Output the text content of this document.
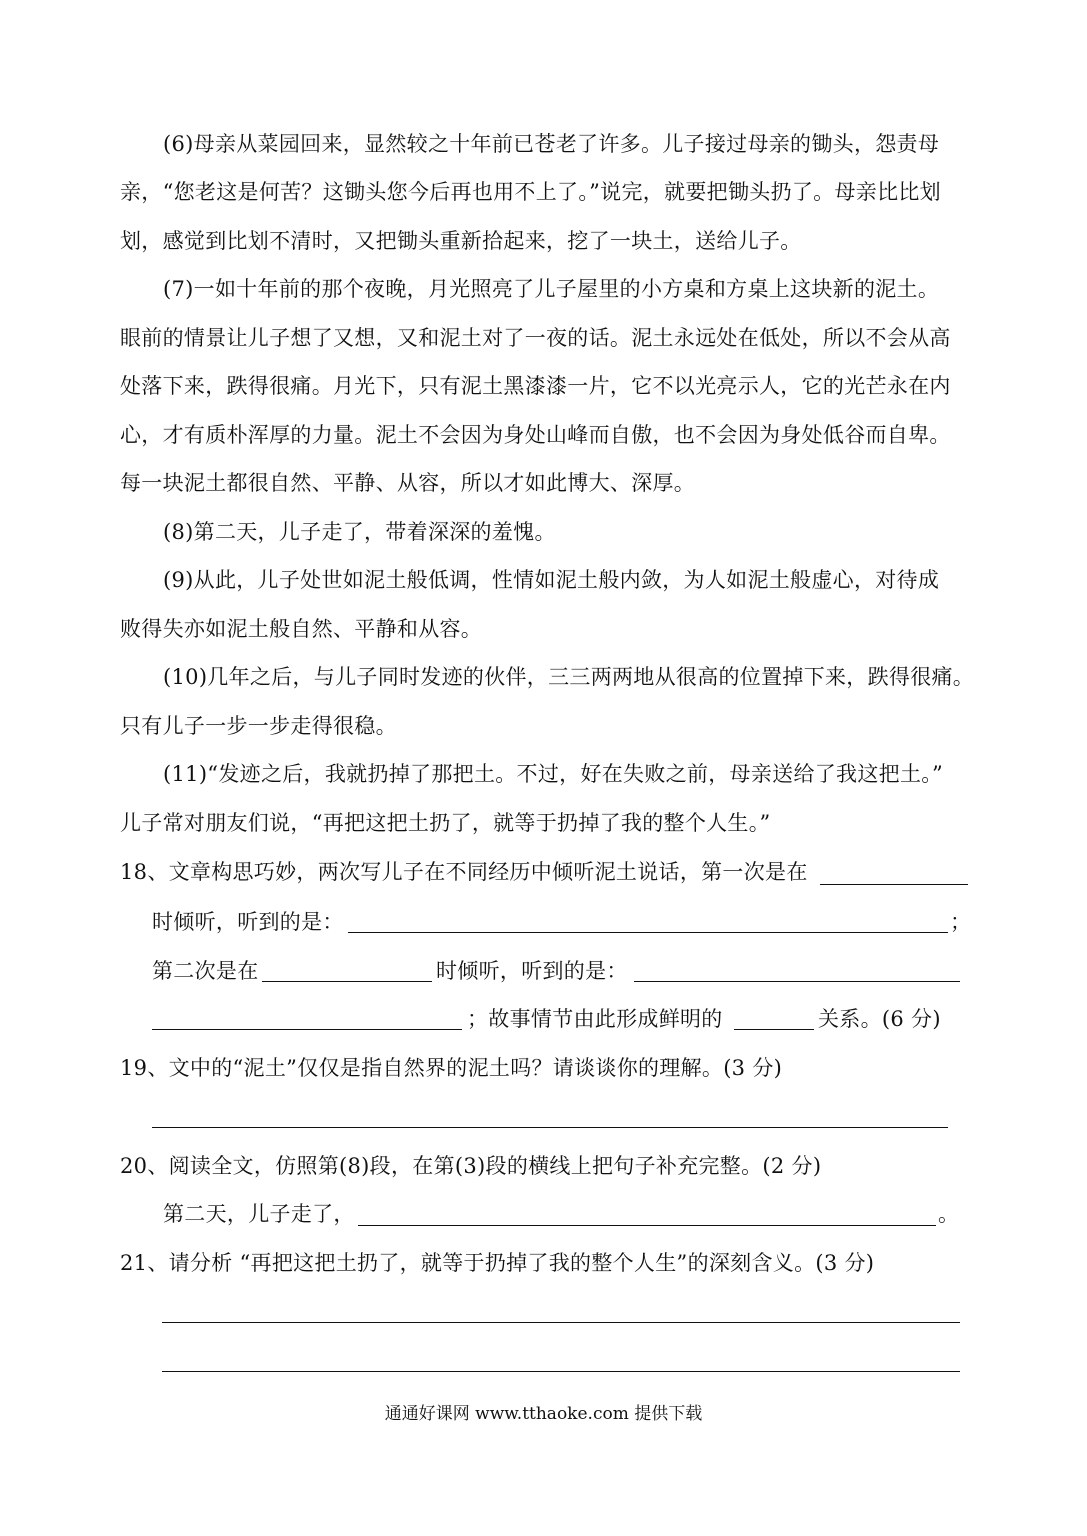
(6)母亲从菜园回来，显然较之十年前已苍老了许多。儿子接过母亲的锄头，怨责母
亲，“您老这是何苦？这锄头您今后再也用不上了。”说完，就要把锄头扔了。母亲比比划
划，感觉到比划不清时，又把锄头重新拾起来，挖了一块土，送给儿子。
(7)一如十年前的那个夜晚，月光照亮了儿子屋里的小方桌和方桌上这块新的泥土。
眼前的情景让儿子想了又想，又和泥土对了一夜的话。泥土永远处在低处，所以不会从高
处落下来，跌得很痛。月光下，只有泥土黑漆漆一片，它不以光亮示人，它的光芒永在内
心，才有质朴浑厚的力量。泥土不会因为身处山峰而自傲，也不会因为身处低谷而自卑。
每一块泥土都很自然、平静、从容，所以才如此博大、深厚。
(8)第二天，儿子走了，带着深深的羞愧。
(9)从此，儿子处世如泥土般低调，性情如泥土般内敛，为人如泥土般虚心，对待成
败得失亦如泥土般自然、平静和从容。
(10)几年之后，与儿子同时发迹的伙伴，三三两两地从很高的位置掉下来，跌得很痛。
只有儿子一步一步走得很稳。
(11)“发迹之后，我就扔掉了那把土。不过，好在失败之前，母亲送给了我这把土。”
儿子常对朋友们说，“再把这把土扔了，就等于扔掉了我的整个人生。”
18、文章构思巧妙，两次写儿子在不同经历中倾听泥土说话，第一次是在
时倾听，听到的是：	；
第二次是在	时倾听，听到的是：
；故事情节由此形成鲜明的	关系。(6 分)
19、文中的“泥土”仅仅是指自然界的泥土吗？请谈谈你的理解。(3 分)
20、阅读全文，仿照第(8)段，在第(3)段的横线上把句子补充完整。(2 分)
第二天，儿子走了，	。
21、请分析 “再把这把土扔了，就等于扔掉了我的整个人生”的深刻含义。(3 分)
通通好课网 www.tthaoke.com 提供下载
